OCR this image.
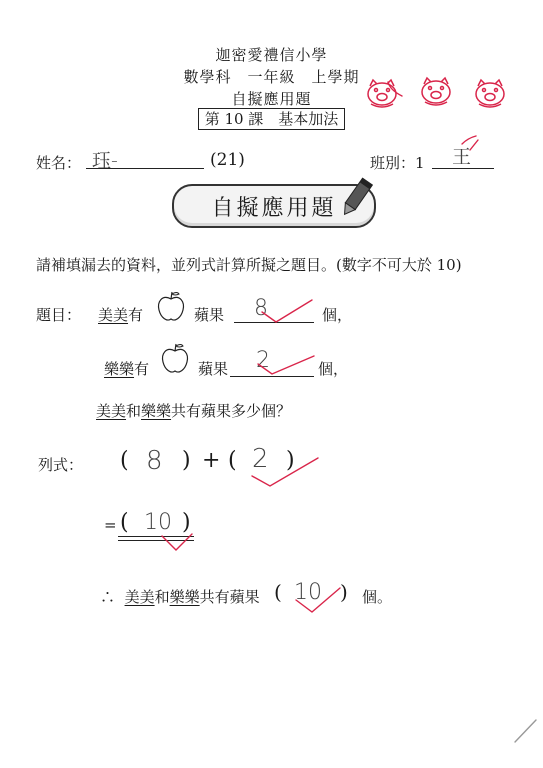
迦密愛禮信小學
數學科　一年級　上學期
自擬應用題
第 10 課　基本加法
姓名： 珏-	(21)	班別：1 王
自擬應用題
請補填漏去的資料，並列式計算所擬之題目。(數字不可大於 10)
題目： 美美有	蘋果 8	個，
樂樂有	蘋果 2	個，
美美和樂樂共有蘋果多少個？
列式： ( 8 ) + ( 2 )
= ( 10 )
∴ 美美和樂樂共有蘋果 ( 10 ) 個。
